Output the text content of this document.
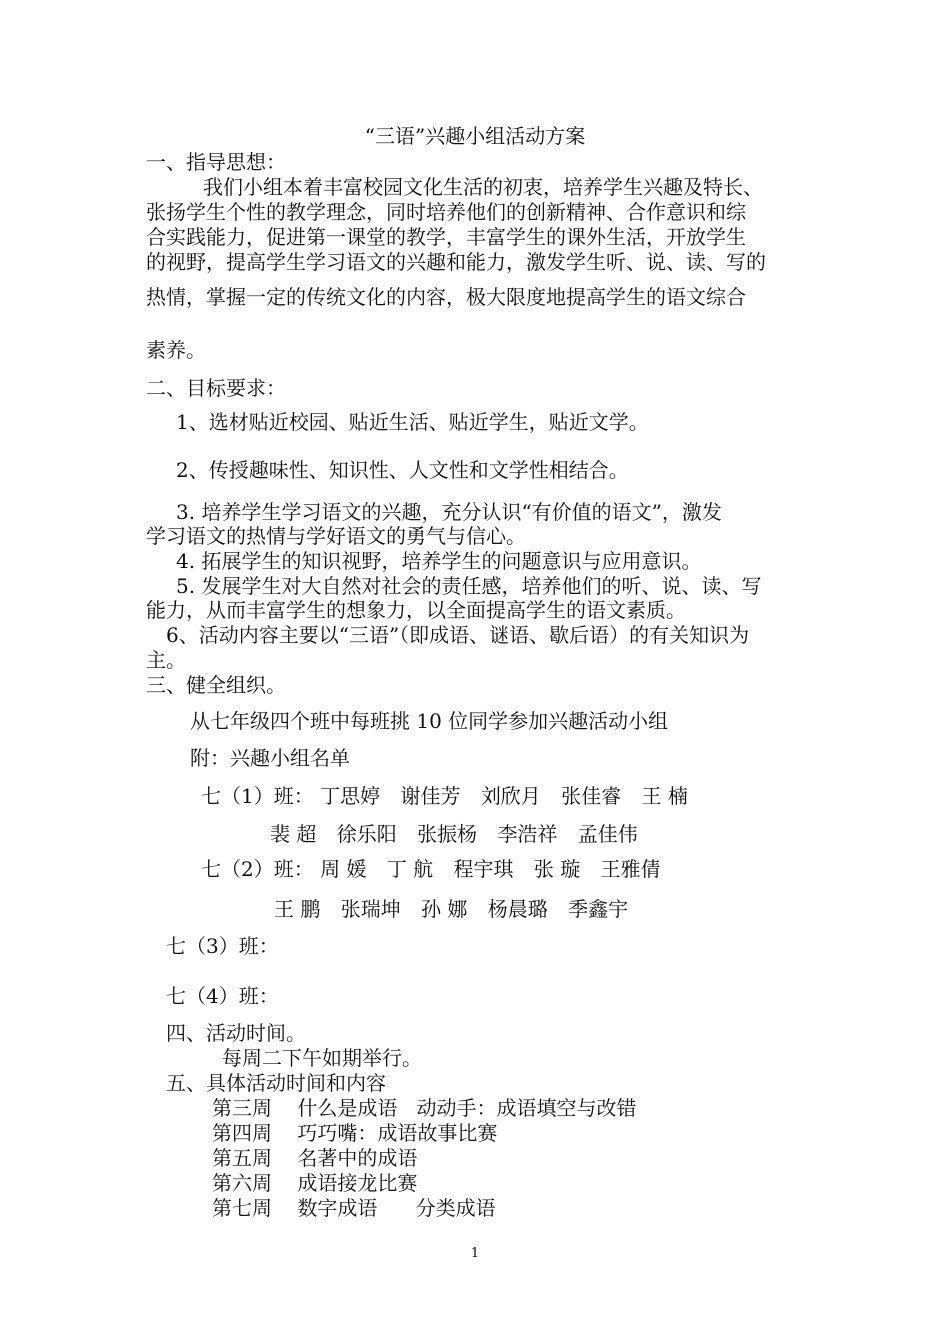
“三语”兴趣小组活动方案
一、指导思想：
我们小组本着丰富校园文化生活的初衷，培养学生兴趣及特长、
张扬学生个性的教学理念，同时培养他们的创新精神、合作意识和综
合实践能力，促进第一课堂的教学，丰富学生的课外生活，开放学生
的视野，提高学生学习语文的兴趣和能力，激发学生听、说、读、写的
热情，掌握一定的传统文化的内容，极大限度地提高学生的语文综合
素养。
二、目标要求：
1、选材贴近校园、贴近生活、贴近学生，贴近文学。
2、传授趣味性、知识性、人文性和文学性相结合。
3. 培养学生学习语文的兴趣，充分认识“有价值的语文”，激发
学习语文的热情与学好语文的勇气与信心。
4. 拓展学生的知识视野，培养学生的问题意识与应用意识。
5. 发展学生对大自然对社会的责任感，培养他们的听、说、读、写
能力，从而丰富学生的想象力，以全面提高学生的语文素质。
6、活动内容主要以“三语”（即成语、谜语、歇后语）的有关知识为
主。
三、健全组织。
从七年级四个班中每班挑 10 位同学参加兴趣活动小组
附：兴趣小组名单
七（1）班： 丁思婷 谢佳芳 刘欣月 张佳睿 王 楠
裴 超 徐乐阳 张振杨 李浩祥 孟佳伟
七（2）班： 周 媛 丁 航 程宇琪 张 璇 王雅倩
王 鹏 张瑞坤 孙 娜 杨晨璐 季鑫宇
七（3）班：
七（4）班：
四、活动时间。
每周二下午如期举行。
五、具体活动时间和内容
第三周    什么是成语   动动手：成语填空与改错
第四周    巧巧嘴：成语故事比赛
第五周    名著中的成语
第六周    成语接龙比赛
第七周    数字成语      分类成语
1
